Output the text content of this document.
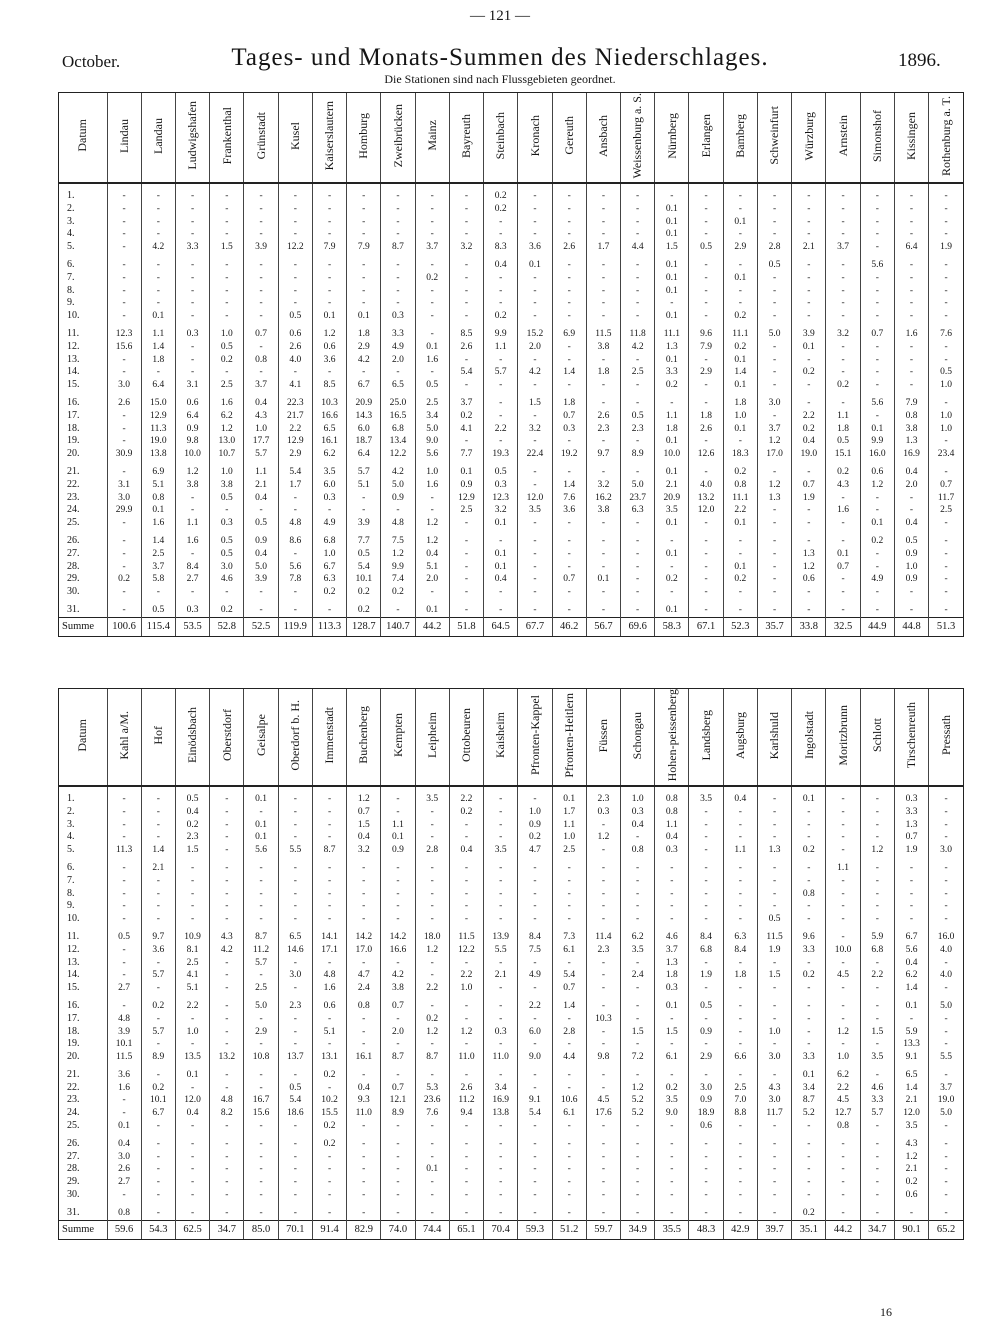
— 121 —
October.	Tages- und Monats-Summen des Niederschlages.	1896.
Die Stationen sind nach Flussgebieten geordnet.
Datum	Lindau	Landau	Ludwigshafen	Frankenthal	Grünstadt	Kusel	Kaiserslautern	Homburg	Zweibrücken	Mainz	Bayreuth	Steinbach	Kronach	Gereuth	Ansbach	Weissenburg a. S.	Nürnberg	Erlangen	Bamberg	Schweinfurt	Würzburg	Arnstein	Simonshof	Kissingen	Rothenburg a. T.

1.	-	-	-	-	-	-	-	-	-	-	-	0.2	-	-	-	-	-	-	-	-	-	-	-	-	-
2.	-	-	-	-	-	-	-	-	-	-	-	0.2	-	-	-	-	0.1	-	-	-	-	-	-	-	-
3.	-	-	-	-	-	-	-	-	-	-	-	-	-	-	-	-	0.1	-	0.1	-	-	-	-	-	-
4.	-	-	-	-	-	-	-	-	-	-	-	-	-	-	-	-	0.1	-	-	-	-	-	-	-	-
5.	-	4.2	3.3	1.5	3.9	12.2	7.9	7.9	8.7	3.7	3.2	8.3	3.6	2.6	1.7	4.4	1.5	0.5	2.9	2.8	2.1	3.7	-	6.4	1.9

6.	-	-	-	-	-	-	-	-	-	-	-	0.4	0.1	-	-	-	0.1	-	-	0.5	-	-	5.6	-	-
7.	-	-	-	-	-	-	-	-	-	0.2	-	-	-	-	-	-	0.1	-	0.1	-	-	-	-	-	-
8.	-	-	-	-	-	-	-	-	-	-	-	-	-	-	-	-	0.1	-	-	-	-	-	-	-	-
9.	-	-	-	-	-	-	-	-	-	-	-	-	-	-	-	-	-	-	-	-	-	-	-	-	-
10.	-	0.1	-	-	-	0.5	0.1	0.1	0.3	-	-	0.2	-	-	-	-	0.1	-	0.2	-	-	-	-	-	-

11.	12.3	1.1	0.3	1.0	0.7	0.6	1.2	1.8	3.3	-	8.5	9.9	15.2	6.9	11.5	11.8	11.1	9.6	11.1	5.0	3.9	3.2	0.7	1.6	7.6
12.	15.6	1.4	-	0.5	-	2.6	0.6	2.9	4.9	0.1	2.6	1.1	2.0	-	3.8	4.2	1.3	7.9	0.2	-	0.1	-	-	-	-
13.	-	1.8	-	0.2	0.8	4.0	3.6	4.2	2.0	1.6	-	-	-	-	-	-	0.1	-	0.1	-	-	-	-	-	-
14.	-	-	-	-	-	-	-	-	-	-	5.4	5.7	4.2	1.4	1.8	2.5	3.3	2.9	1.4	-	0.2	-	-	-	0.5
15.	3.0	6.4	3.1	2.5	3.7	4.1	8.5	6.7	6.5	0.5	-	-	-	-	-	-	0.2	-	0.1	-	-	0.2	-	-	1.0

16.	2.6	15.0	0.6	1.6	0.4	22.3	10.3	20.9	25.0	2.5	3.7	-	1.5	1.8	-	-	-	-	1.8	3.0	-	-	5.6	7.9	-
17.	-	12.9	6.4	6.2	4.3	21.7	16.6	14.3	16.5	3.4	0.2	-	-	0.7	2.6	0.5	1.1	1.8	1.0	-	2.2	1.1	-	0.8	1.0
18.	-	11.3	0.9	1.2	1.0	2.2	6.5	6.0	6.8	5.0	4.1	2.2	3.2	0.3	2.3	2.3	1.8	2.6	0.1	3.7	0.2	1.8	0.1	3.8	1.0
19.	-	19.0	9.8	13.0	17.7	12.9	16.1	18.7	13.4	9.0	-	-	-	-	-	-	0.1	-	-	1.2	0.4	0.5	9.9	1.3	-
20.	30.9	13.8	10.0	10.7	5.7	2.9	6.2	6.4	12.2	5.6	7.7	19.3	22.4	19.2	9.7	8.9	10.0	12.6	18.3	17.0	19.0	15.1	16.0	16.9	23.4

21.	-	6.9	1.2	1.0	1.1	5.4	3.5	5.7	4.2	1.0	0.1	0.5	-	-	-	-	0.1	-	0.2	-	-	0.2	0.6	0.4	-
22.	3.1	5.1	3.8	3.8	2.1	1.7	6.0	5.1	5.0	1.6	0.9	0.3	-	1.4	3.2	5.0	2.1	4.0	0.8	1.2	0.7	4.3	1.2	2.0	0.7
23.	3.0	0.8	-	0.5	0.4	-	0.3	-	0.9	-	12.9	12.3	12.0	7.6	16.2	23.7	20.9	13.2	11.1	1.3	1.9	-	-	-	11.7
24.	29.9	0.1	-	-	-	-	-	-	-	-	2.5	3.2	3.5	3.6	3.8	6.3	3.5	12.0	2.2	-	-	1.6	-	-	2.5
25.	-	1.6	1.1	0.3	0.5	4.8	4.9	3.9	4.8	1.2	-	0.1	-	-	-	-	0.1	-	0.1	-	-	-	0.1	0.4	-

26.	-	1.4	1.6	0.5	0.9	8.6	6.8	7.7	7.5	1.2	-	-	-	-	-	-	-	-	-	-	-	-	0.2	0.5	-
27.	-	2.5	-	0.5	0.4	-	1.0	0.5	1.2	0.4	-	0.1	-	-	-	-	0.1	-	-	-	1.3	0.1	-	0.9	-
28.	-	3.7	8.4	3.0	5.0	5.6	6.7	5.4	9.9	5.1	-	0.1	-	-	-	-	-	-	0.1	-	1.2	0.7	-	1.0	-
29.	0.2	5.8	2.7	4.6	3.9	7.8	6.3	10.1	7.4	2.0	-	0.4	-	0.7	0.1	-	0.2	-	0.2	-	0.6	-	4.9	0.9	-
30.	-	-	-	-	-	-	0.2	0.2	0.2	-	-	-	-	-	-	-	-	-	-	-	-	-	-	-	-

31.	-	0.5	0.3	0.2	-	-	-	0.2	-	0.1	-	-	-	-	-	-	0.1	-	-	-	-	-	-	-	-
Summe	100.6	115.4	53.5	52.8	52.5	119.9	113.3	128.7	140.7	44.2	51.8	64.5	67.7	46.2	56.7	69.6	58.3	67.1	52.3	35.7	33.8	32.5	44.9	44.8	51.3
Datum	Kahl a/M.	Hof	Einödsbach	Oberstdorf	Geisalpe	Oberdorf b. H.	Immenstadt	Buchenberg	Kempten	Leipheim	Ottobeuren	Kaisheim	Pfronten-Kappel	Pfronten-Heitlern	Füssen	Schongau	Hohen-peissenberg	Landsberg	Augsburg	Karlshuld	Ingolstadt	Moritzbrunn	Schlott	Tirschenreuth	Pressath

1.	-	-	0.5	-	0.1	-	-	1.2	-	3.5	2.2	-	-	0.1	2.3	1.0	0.8	3.5	0.4	-	0.1	-	-	0.3	-
2.	-	-	0.4	-	-	-	-	0.7	-	-	0.2	-	1.0	1.7	0.3	0.3	0.8	-	-	-	-	-	-	3.3	-
3.	-	-	0.2	-	0.1	-	-	1.5	1.1	-	-	-	0.9	1.1	-	0.4	1.1	-	-	-	-	-	-	1.3	-
4.	-	-	2.3	-	0.1	-	-	0.4	0.1	-	-	-	0.2	1.0	1.2	-	0.4	-	-	-	-	-	-	0.7	-
5.	11.3	1.4	1.5	-	5.6	5.5	8.7	3.2	0.9	2.8	0.4	3.5	4.7	2.5	-	0.8	0.3	-	1.1	1.3	0.2	-	1.2	1.9	3.0

6.	-	2.1	-	-	-	-	-	-	-	-	-	-	-	-	-	-	-	-	-	-	-	1.1	-	-	-
7.	-	-	-	-	-	-	-	-	-	-	-	-	-	-	-	-	-	-	-	-	-	-	-	-	-
8.	-	-	-	-	-	-	-	-	-	-	-	-	-	-	-	-	-	-	-	-	0.8	-	-	-	-
9.	-	-	-	-	-	-	-	-	-	-	-	-	-	-	-	-	-	-	-	-	-	-	-	-	-
10.	-	-	-	-	-	-	-	-	-	-	-	-	-	-	-	-	-	-	-	0.5	-	-	-	-	-

11.	0.5	9.7	10.9	4.3	8.7	6.5	14.1	14.2	14.2	18.0	11.5	13.9	8.4	7.3	11.4	6.2	4.6	8.4	6.3	11.5	9.6	-	5.9	6.7	16.0
12.	-	3.6	8.1	4.2	11.2	14.6	17.1	17.0	16.6	1.2	12.2	5.5	7.5	6.1	2.3	3.5	3.7	6.8	8.4	1.9	3.3	10.0	6.8	5.6	4.0
13.	-	-	2.5	-	5.7	-	-	-	-	-	-	-	-	-	-	-	1.3	-	-	-	-	-	-	0.4	-
14.	-	5.7	4.1	-	-	3.0	4.8	4.7	4.2	-	2.2	2.1	4.9	5.4	-	2.4	1.8	1.9	1.8	1.5	0.2	4.5	2.2	6.2	4.0
15.	2.7	-	5.1	-	2.5	-	1.6	2.4	3.8	2.2	1.0	-	-	0.7	-	-	0.3	-	-	-	-	-	-	1.4	-

16.	-	0.2	2.2	-	5.0	2.3	0.6	0.8	0.7	-	-	-	2.2	1.4	-	-	0.1	0.5	-	-	-	-	-	0.1	5.0
17.	4.8	-	-	-	-	-	-	-	-	0.2	-	-	-	-	10.3	-	-	-	-	-	-	-	-	-	-
18.	3.9	5.7	1.0	-	2.9	-	5.1	-	2.0	1.2	1.2	0.3	6.0	2.8	-	1.5	1.5	0.9	-	1.0	-	1.2	1.5	5.9	-
19.	10.1	-	-	-	-	-	-	-	-	-	-	-	-	-	-	-	-	-	-	-	-	-	-	13.3	-
20.	11.5	8.9	13.5	13.2	10.8	13.7	13.1	16.1	8.7	8.7	11.0	11.0	9.0	4.4	9.8	7.2	6.1	2.9	6.6	3.0	3.3	1.0	3.5	9.1	5.5

21.	3.6	-	0.1	-	-	-	0.2	-	-	-	-	-	-	-	-	-	-	-	-	-	0.1	6.2	-	6.5	-
22.	1.6	0.2	-	-	-	0.5	-	0.4	0.7	5.3	2.6	3.4	-	-	-	1.2	0.2	3.0	2.5	4.3	3.4	2.2	4.6	1.4	3.7
23.	-	10.1	12.0	4.8	16.7	5.4	10.2	9.3	12.1	23.6	11.2	16.9	9.1	10.6	4.5	5.2	3.5	0.9	7.0	3.0	8.7	4.5	3.3	2.1	19.0
24.	-	6.7	0.4	8.2	15.6	18.6	15.5	11.0	8.9	7.6	9.4	13.8	5.4	6.1	17.6	5.2	9.0	18.9	8.8	11.7	5.2	12.7	5.7	12.0	5.0
25.	0.1	-	-	-	-	-	0.2	-	-	-	-	-	-	-	-	-	-	0.6	-	-	-	0.8	-	3.5	-

26.	0.4	-	-	-	-	-	0.2	-	-	-	-	-	-	-	-	-	-	-	-	-	-	-	-	4.3	-
27.	3.0	-	-	-	-	-	-	-	-	-	-	-	-	-	-	-	-	-	-	-	-	-	-	1.2	-
28.	2.6	-	-	-	-	-	-	-	-	0.1	-	-	-	-	-	-	-	-	-	-	-	-	-	2.1	-
29.	2.7	-	-	-	-	-	-	-	-	-	-	-	-	-	-	-	-	-	-	-	-	-	-	0.2	-
30.	-	-	-	-	-	-	-	-	-	-	-	-	-	-	-	-	-	-	-	-	-	-	-	0.6	-

31.	0.8	-	-	-	-	-	-	-	-	-	-	-	-	-	-	-	-	-	-	-	0.2	-	-	-	-
Summe	59.6	54.3	62.5	34.7	85.0	70.1	91.4	82.9	74.0	74.4	65.1	70.4	59.3	51.2	59.7	34.9	35.5	48.3	42.9	39.7	35.1	44.2	34.7	90.1	65.2
16
